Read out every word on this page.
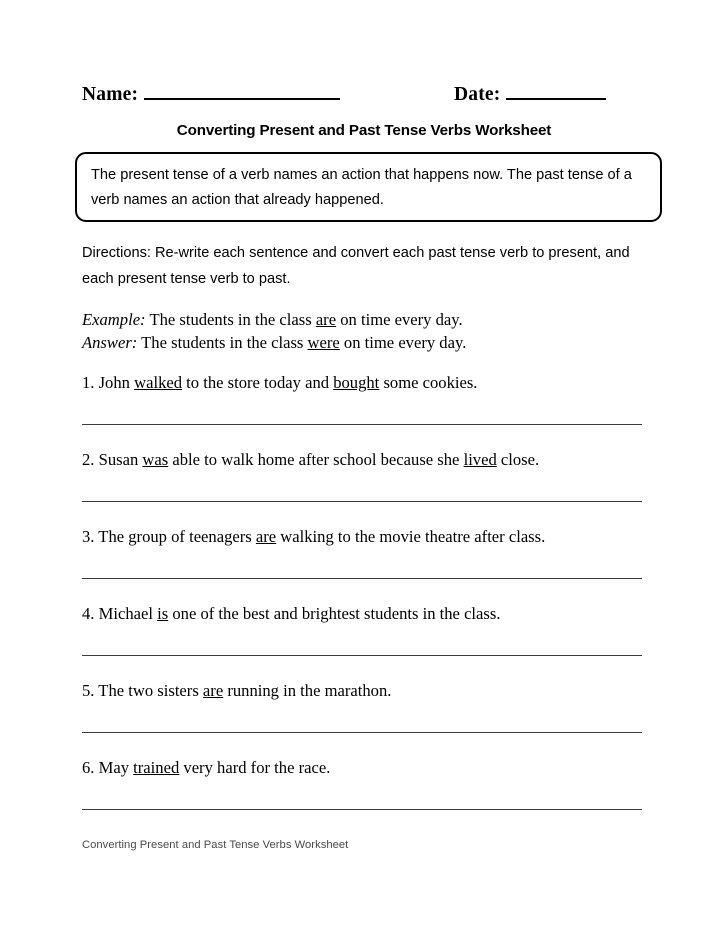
Name:	Date:
Converting Present and Past Tense Verbs Worksheet
The present tense of a verb names an action that happens now. The past tense of a verb names an action that already happened.
Directions: Re-write each sentence and convert each past tense verb to present, and each present tense verb to past.
Example: The students in the class are on time every day.
Answer: The students in the class were on time every day.
1. John walked to the store today and bought some cookies.
2. Susan was able to walk home after school because she lived close.
3. The group of teenagers are walking to the movie theatre after class.
4. Michael is one of the best and brightest students in the class.
5. The two sisters are running in the marathon.
6. May trained very hard for the race.
Converting Present and Past Tense Verbs Worksheet
